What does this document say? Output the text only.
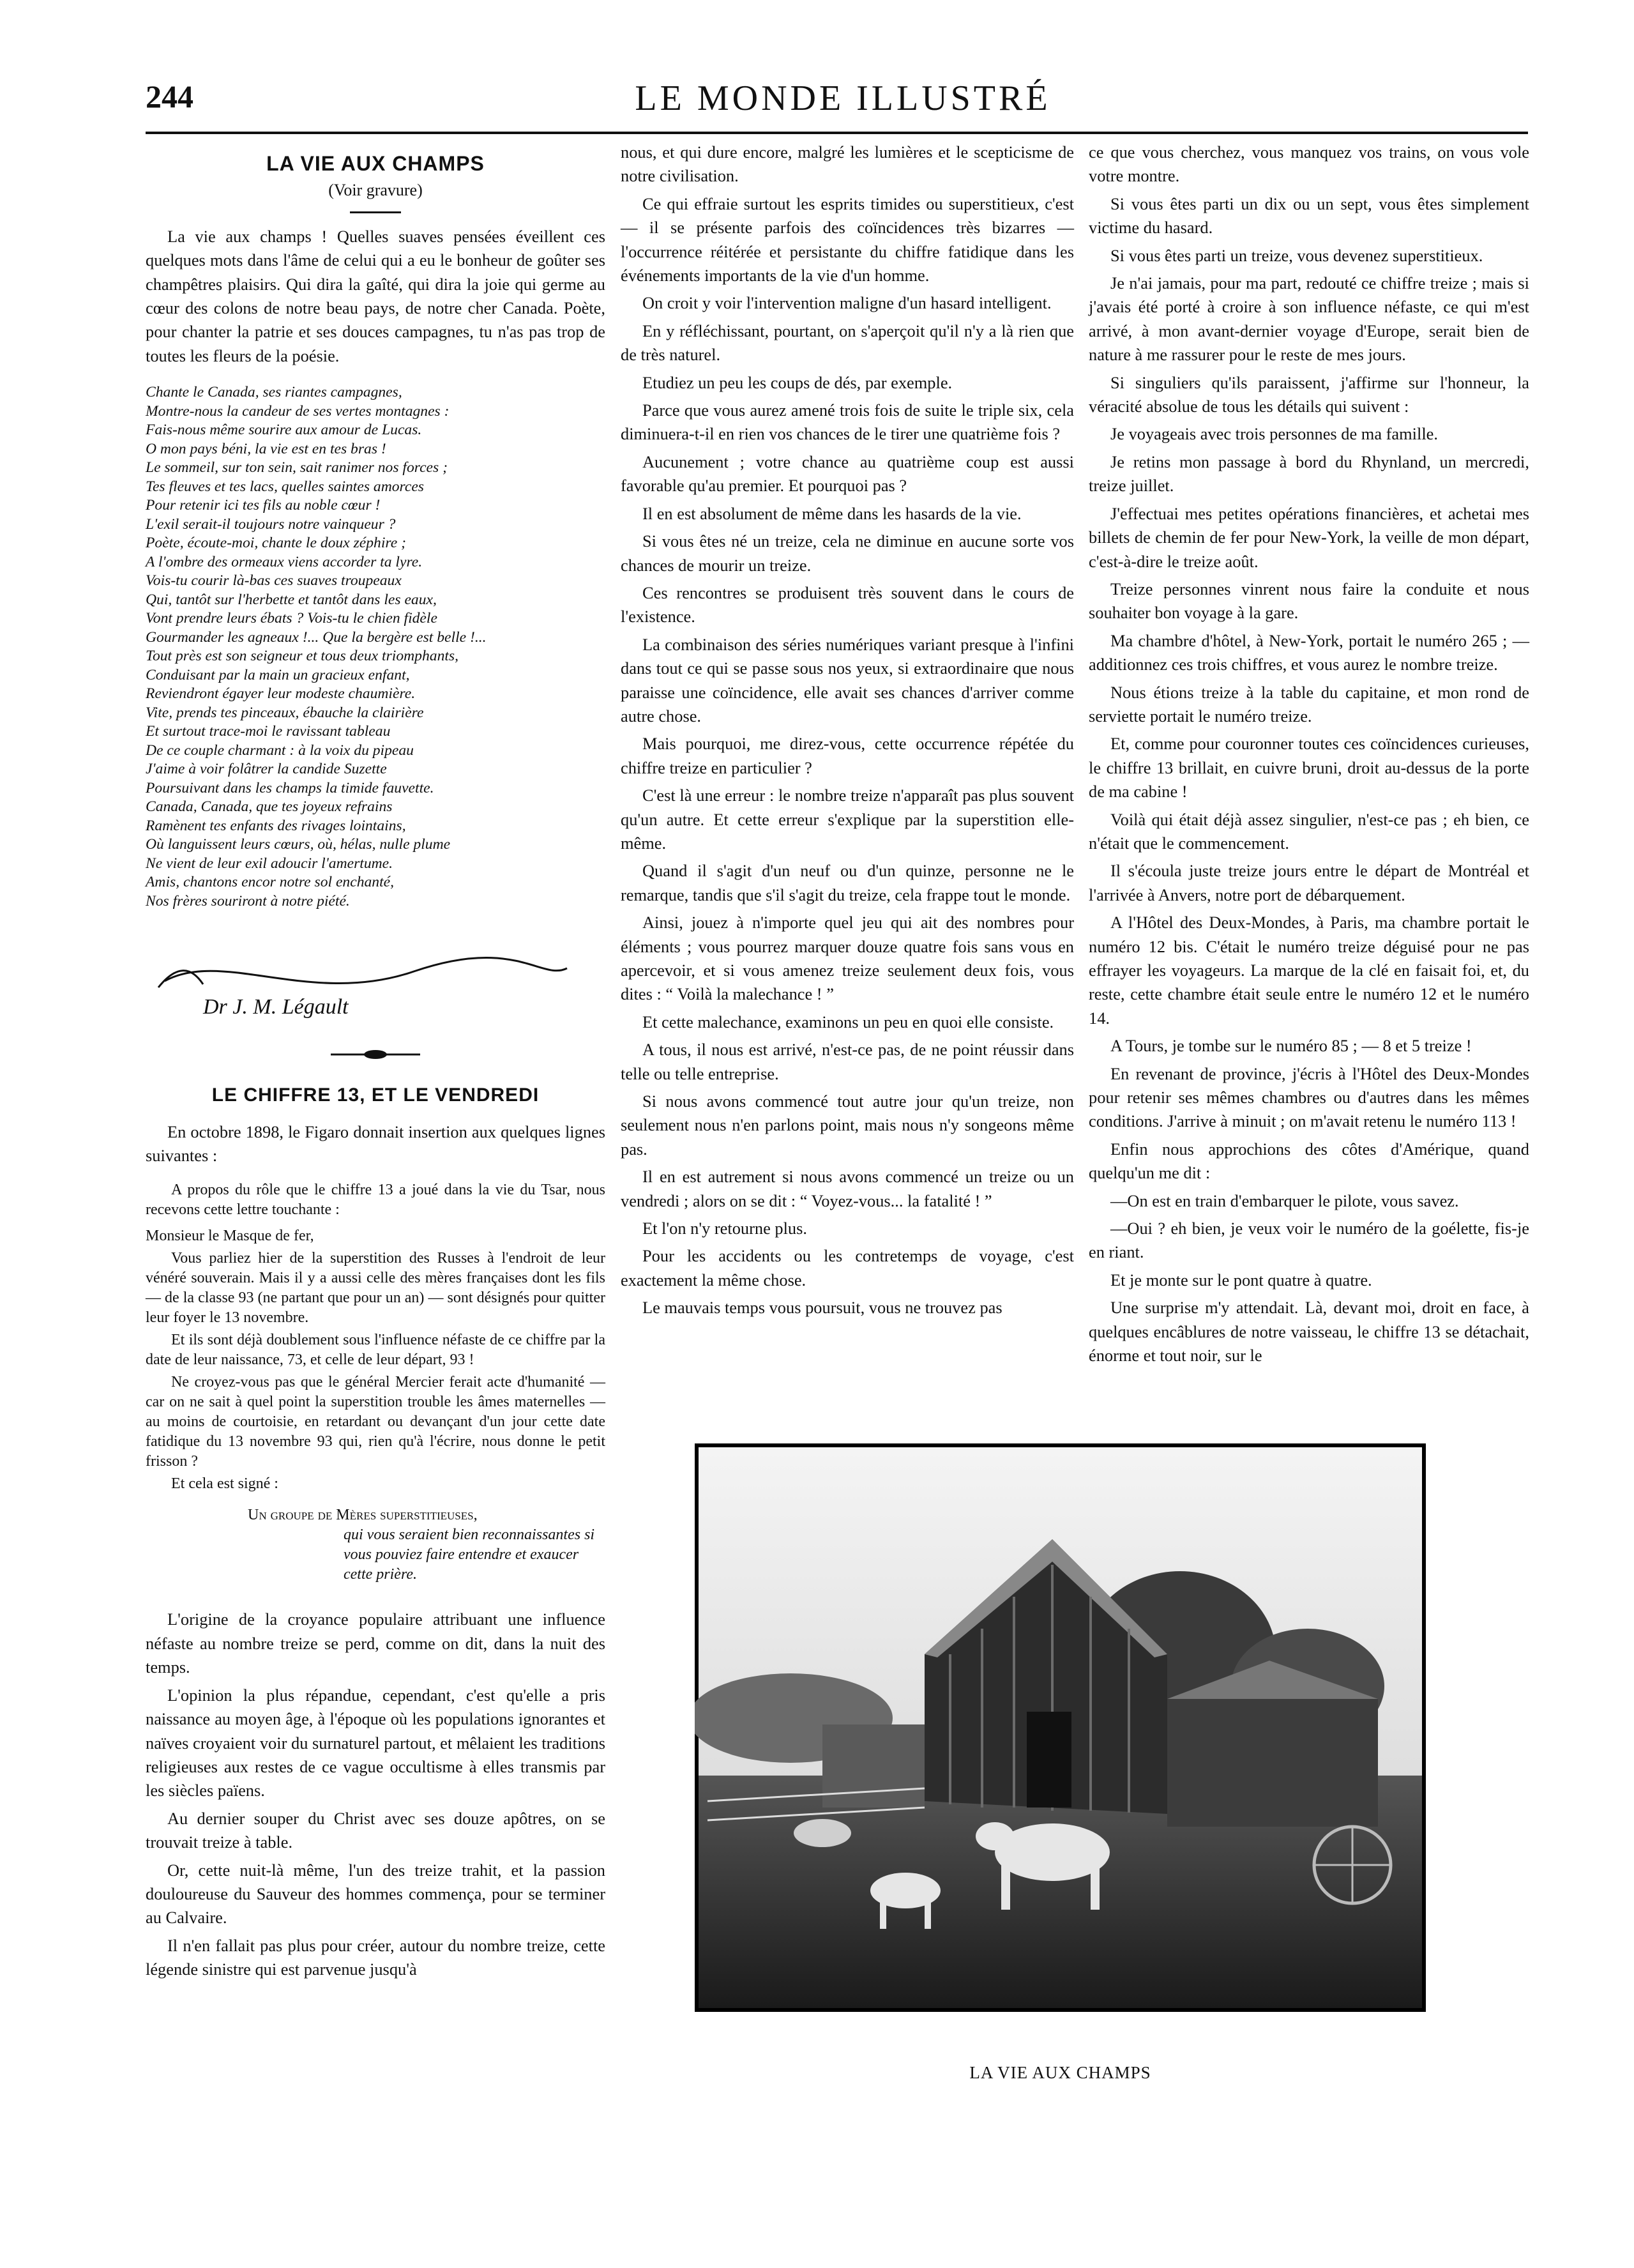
244	LE MONDE ILLUSTRÉ
LA VIE AUX CHAMPS
(Voir gravure)

La vie aux champs ! Quelles suaves pensées éveillent ces quelques mots dans l'âme de celui qui a eu le bonheur de goûter ses champêtres plaisirs. Qui dira la gaîté, qui dira la joie qui germe au cœur des colons de notre beau pays, de notre cher Canada. Poète, pour chanter la patrie et ses douces campagnes, tu n'as pas trop de toutes les fleurs de la poésie.

Chante le Canada, ses riantes campagnes,
Montre-nous la candeur de ses vertes montagnes :
Fais-nous même sourire aux amour de Lucas.
O mon pays béni, la vie est en tes bras !
Le sommeil, sur ton sein, sait ranimer nos forces ;
Tes fleuves et tes lacs, quelles saintes amorces
Pour retenir ici tes fils au noble cœur !
L'exil serait-il toujours notre vainqueur ?
Poète, écoute-moi, chante le doux zéphire ;
A l'ombre des ormeaux viens accorder ta lyre.
Vois-tu courir là-bas ces suaves troupeaux
Qui, tantôt sur l'herbette et tantôt dans les eaux,
Vont prendre leurs ébats ? Vois-tu le chien fidèle
Gourmander les agneaux !... Que la bergère est belle !...
Tout près est son seigneur et tous deux triomphants,
Conduisant par la main un gracieux enfant,
Reviendront égayer leur modeste chaumière.
Vite, prends tes pinceaux, ébauche la clairière
Et surtout trace-moi le ravissant tableau
De ce couple charmant : à la voix du pipeau
J'aime à voir folâtrer la candide Suzette
Poursuivant dans les champs la timide fauvette.
Canada, Canada, que tes joyeux refrains
Ramènent tes enfants des rivages lointains,
Où languissent leurs cœurs, où, hélas, nulle plume
Ne vient de leur exil adoucir l'amertume.
Amis, chantons encor notre sol enchanté,
Nos frères souriront à notre piété.
Dr J. M. Légault
LE CHIFFRE 13, ET LE VENDREDI

En octobre 1898, le Figaro donnait insertion aux quelques lignes suivantes :

A propos du rôle que le chiffre 13 a joué dans la vie du Tsar, nous recevons cette lettre touchante :

Monsieur le Masque de fer,

Vous parliez hier de la superstition des Russes à l'endroit de leur vénéré souverain. Mais il y a aussi celle des mères françaises dont les fils — de la classe 93 (ne partant que pour un an) — sont désignés pour quitter leur foyer le 13 novembre.

Et ils sont déjà doublement sous l'influence néfaste de ce chiffre par la date de leur naissance, 73, et celle de leur départ, 93 !

Ne croyez-vous pas que le général Mercier ferait acte d'humanité — car on ne sait à quel point la superstition trouble les âmes maternelles — au moins de courtoisie, en retardant ou devançant d'un jour cette date fatidique du 13 novembre 93 qui, rien qu'à l'écrire, nous donne le petit frisson ?

Et cela est signé :

Un groupe de Mères superstitieuses,
qui vous seraient bien reconnaissantes si vous pouviez faire entendre et exaucer cette prière.

L'origine de la croyance populaire attribuant une influence néfaste au nombre treize se perd, comme on dit, dans la nuit des temps.

L'opinion la plus répandue, cependant, c'est qu'elle a pris naissance au moyen âge, à l'époque où les populations ignorantes et naïves croyaient voir du surnaturel partout, et mêlaient les traditions religieuses aux restes de ce vague occultisme à elles transmis par les siècles païens.

Au dernier souper du Christ avec ses douze apôtres, on se trouvait treize à table.

Or, cette nuit-là même, l'un des treize trahit, et la passion douloureuse du Sauveur des hommes commença, pour se terminer au Calvaire.

Il n'en fallait pas plus pour créer, autour du nombre treize, cette légende sinistre qui est parvenue jusqu'à

nous, et qui dure encore, malgré les lumières et le scepticisme de notre civilisation.

Ce qui effraie surtout les esprits timides ou superstitieux, c'est — il se présente parfois des coïncidences très bizarres — l'occurrence réitérée et persistante du chiffre fatidique dans les événements importants de la vie d'un homme.

On croit y voir l'intervention maligne d'un hasard intelligent.

En y réfléchissant, pourtant, on s'aperçoit qu'il n'y a là rien que de très naturel.

Etudiez un peu les coups de dés, par exemple.

Parce que vous aurez amené trois fois de suite le triple six, cela diminuera-t-il en rien vos chances de le tirer une quatrième fois ?

Aucunement ; votre chance au quatrième coup est aussi favorable qu'au premier. Et pourquoi pas ?

Il en est absolument de même dans les hasards de la vie.

Si vous êtes né un treize, cela ne diminue en aucune sorte vos chances de mourir un treize.

Ces rencontres se produisent très souvent dans le cours de l'existence.

La combinaison des séries numériques variant presque à l'infini dans tout ce qui se passe sous nos yeux, si extraordinaire que nous paraisse une coïncidence, elle avait ses chances d'arriver comme autre chose.

Mais pourquoi, me direz-vous, cette occurrence répétée du chiffre treize en particulier ?

C'est là une erreur : le nombre treize n'apparaît pas plus souvent qu'un autre. Et cette erreur s'explique par la superstition elle-même.

Quand il s'agit d'un neuf ou d'un quinze, personne ne le remarque, tandis que s'il s'agit du treize, cela frappe tout le monde.

Ainsi, jouez à n'importe quel jeu qui ait des nombres pour éléments ; vous pourrez marquer douze quatre fois sans vous en apercevoir, et si vous amenez treize seulement deux fois, vous dites : “ Voilà la malechance ! ”

Et cette malechance, examinons un peu en quoi elle consiste.

A tous, il nous est arrivé, n'est-ce pas, de ne point réussir dans telle ou telle entreprise.

Si nous avons commencé tout autre jour qu'un treize, non seulement nous n'en parlons point, mais nous n'y songeons même pas.

Il en est autrement si nous avons commencé un treize ou un vendredi ; alors on se dit : “ Voyez-vous... la fatalité ! ”

Et l'on n'y retourne plus.

Pour les accidents ou les contretemps de voyage, c'est exactement la même chose.

Le mauvais temps vous poursuit, vous ne trouvez pas

ce que vous cherchez, vous manquez vos trains, on vous vole votre montre.

Si vous êtes parti un dix ou un sept, vous êtes simplement victime du hasard.

Si vous êtes parti un treize, vous devenez superstitieux.

Je n'ai jamais, pour ma part, redouté ce chiffre treize ; mais si j'avais été porté à croire à son influence néfaste, ce qui m'est arrivé, à mon avant-dernier voyage d'Europe, serait bien de nature à me rassurer pour le reste de mes jours.

Si singuliers qu'ils paraissent, j'affirme sur l'honneur, la véracité absolue de tous les détails qui suivent :

Je voyageais avec trois personnes de ma famille.

Je retins mon passage à bord du Rhynland, un mercredi, treize juillet.

J'effectuai mes petites opérations financières, et achetai mes billets de chemin de fer pour New-York, la veille de mon départ, c'est-à-dire le treize août.

Treize personnes vinrent nous faire la conduite et nous souhaiter bon voyage à la gare.

Ma chambre d'hôtel, à New-York, portait le numéro 265 ; — additionnez ces trois chiffres, et vous aurez le nombre treize.

Nous étions treize à la table du capitaine, et mon rond de serviette portait le numéro treize.

Et, comme pour couronner toutes ces coïncidences curieuses, le chiffre 13 brillait, en cuivre bruni, droit au-dessus de la porte de ma cabine !

Voilà qui était déjà assez singulier, n'est-ce pas ; eh bien, ce n'était que le commencement.

Il s'écoula juste treize jours entre le départ de Montréal et l'arrivée à Anvers, notre port de débarquement.

A l'Hôtel des Deux-Mondes, à Paris, ma chambre portait le numéro 12 bis. C'était le numéro treize déguisé pour ne pas effrayer les voyageurs. La marque de la clé en faisait foi, et, du reste, cette chambre était seule entre le numéro 12 et le numéro 14.

A Tours, je tombe sur le numéro 85 ; — 8 et 5 treize !

En revenant de province, j'écris à l'Hôtel des Deux-Mondes pour retenir ses mêmes chambres ou d'autres dans les mêmes conditions. J'arrive à minuit ; on m'avait retenu le numéro 113 !

Enfin nous approchions des côtes d'Amérique, quand quelqu'un me dit :

—On est en train d'embarquer le pilote, vous savez.

—Oui ? eh bien, je veux voir le numéro de la goélette, fis-je en riant.

Et je monte sur le pont quatre à quatre.

Une surprise m'y attendait. Là, devant moi, droit en face, à quelques encâblures de notre vaisseau, le chiffre 13 se détachait, énorme et tout noir, sur le

LA VIE AUX CHAMPS
